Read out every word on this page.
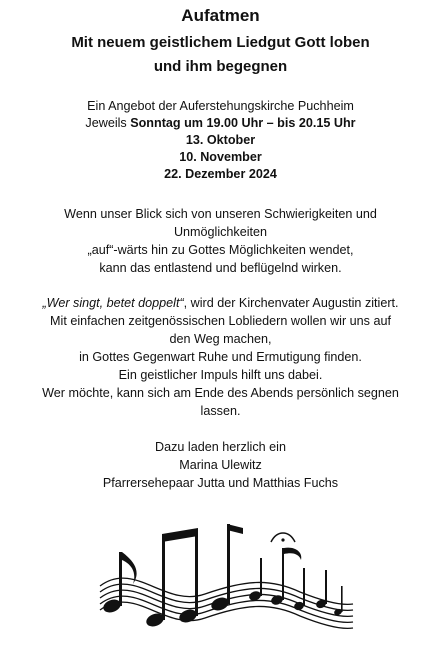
Aufatmen
Mit neuem geistlichem Liedgut Gott loben
und ihm begegnen
Ein Angebot der Auferstehungskirche Puchheim
Jeweils Sonntag um 19.00 Uhr – bis 20.15 Uhr
13. Oktober
10. November
22. Dezember 2024
Wenn unser Blick sich von unseren Schwierigkeiten und
Unmöglichkeiten
„auf“-wärts hin zu Gottes Möglichkeiten wendet,
kann das entlastend und beflügelnd wirken.
„Wer singt, betet doppelt“, wird der Kirchenvater Augustin zitiert.
Mit einfachen zeitgenössischen Lobliedern wollen wir uns auf
den Weg machen,
in Gottes Gegenwart Ruhe und Ermutigung finden.
Ein geistlicher Impuls hilft uns dabei.
Wer möchte, kann sich am Ende des Abends persönlich segnen
lassen.
Dazu laden herzlich ein
Marina Ulewitz
Pfarrersehepaar Jutta und Matthias Fuchs
